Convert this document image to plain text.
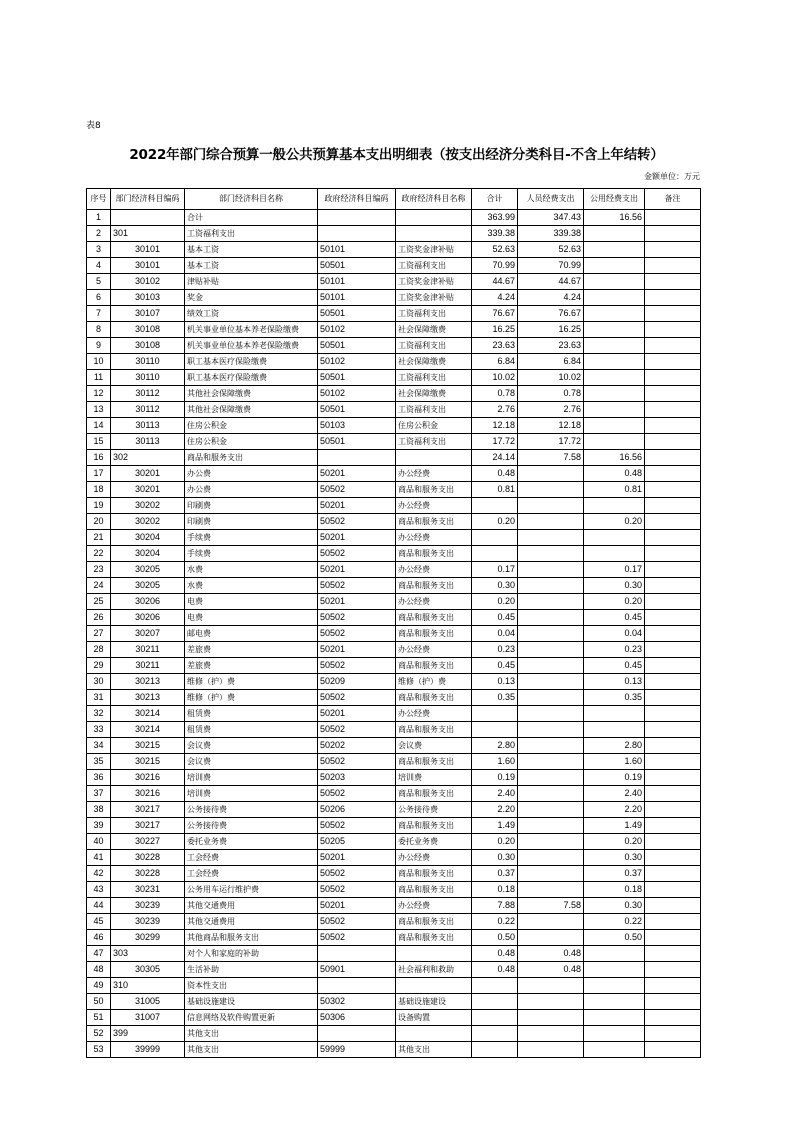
表8
2022年部门综合预算一般公共预算基本支出明细表（按支出经济分类科目-不含上年结转）
金额单位：万元
序号	部门经济科目编码	部门经济科目名称	政府经济科目编码	政府经济科目名称	合计	人员经费支出	公用经费支出	备注
1		合计			363.99	347.43	16.56	
2	301	工资福利支出			339.38	339.38		
3	30101	基本工资	50101	工资奖金津补贴	52.63	52.63		
4	30101	基本工资	50501	工资福利支出	70.99	70.99		
5	30102	津贴补贴	50101	工资奖金津补贴	44.67	44.67		
6	30103	奖金	50101	工资奖金津补贴	4.24	4.24		
7	30107	绩效工资	50501	工资福利支出	76.67	76.67		
8	30108	机关事业单位基本养老保险缴费	50102	社会保障缴费	16.25	16.25		
9	30108	机关事业单位基本养老保险缴费	50501	工资福利支出	23.63	23.63		
10	30110	职工基本医疗保险缴费	50102	社会保障缴费	6.84	6.84		
11	30110	职工基本医疗保险缴费	50501	工资福利支出	10.02	10.02		
12	30112	其他社会保障缴费	50102	社会保障缴费	0.78	0.78		
13	30112	其他社会保障缴费	50501	工资福利支出	2.76	2.76		
14	30113	住房公积金	50103	住房公积金	12.18	12.18		
15	30113	住房公积金	50501	工资福利支出	17.72	17.72		
16	302	商品和服务支出			24.14	7.58	16.56	
17	30201	办公费	50201	办公经费	0.48		0.48	
18	30201	办公费	50502	商品和服务支出	0.81		0.81	
19	30202	印刷费	50201	办公经费				
20	30202	印刷费	50502	商品和服务支出	0.20		0.20	
21	30204	手续费	50201	办公经费				
22	30204	手续费	50502	商品和服务支出				
23	30205	水费	50201	办公经费	0.17		0.17	
24	30205	水费	50502	商品和服务支出	0.30		0.30	
25	30206	电费	50201	办公经费	0.20		0.20	
26	30206	电费	50502	商品和服务支出	0.45		0.45	
27	30207	邮电费	50502	商品和服务支出	0.04		0.04	
28	30211	差旅费	50201	办公经费	0.23		0.23	
29	30211	差旅费	50502	商品和服务支出	0.45		0.45	
30	30213	维修（护）费	50209	维修（护）费	0.13		0.13	
31	30213	维修（护）费	50502	商品和服务支出	0.35		0.35	
32	30214	租赁费	50201	办公经费				
33	30214	租赁费	50502	商品和服务支出				
34	30215	会议费	50202	会议费	2.80		2.80	
35	30215	会议费	50502	商品和服务支出	1.60		1.60	
36	30216	培训费	50203	培训费	0.19		0.19	
37	30216	培训费	50502	商品和服务支出	2.40		2.40	
38	30217	公务接待费	50206	公务接待费	2.20		2.20	
39	30217	公务接待费	50502	商品和服务支出	1.49		1.49	
40	30227	委托业务费	50205	委托业务费	0.20		0.20	
41	30228	工会经费	50201	办公经费	0.30		0.30	
42	30228	工会经费	50502	商品和服务支出	0.37		0.37	
43	30231	公务用车运行维护费	50502	商品和服务支出	0.18		0.18	
44	30239	其他交通费用	50201	办公经费	7.88	7.58	0.30	
45	30239	其他交通费用	50502	商品和服务支出	0.22		0.22	
46	30299	其他商品和服务支出	50502	商品和服务支出	0.50		0.50	
47	303	对个人和家庭的补助			0.48	0.48		
48	30305	生活补助	50901	社会福利和救助	0.48	0.48		
49	310	资本性支出						
50	31005	基础设施建设	50302	基础设施建设				
51	31007	信息网络及软件购置更新	50306	设备购置				
52	399	其他支出						
53	39999	其他支出	59999	其他支出				
